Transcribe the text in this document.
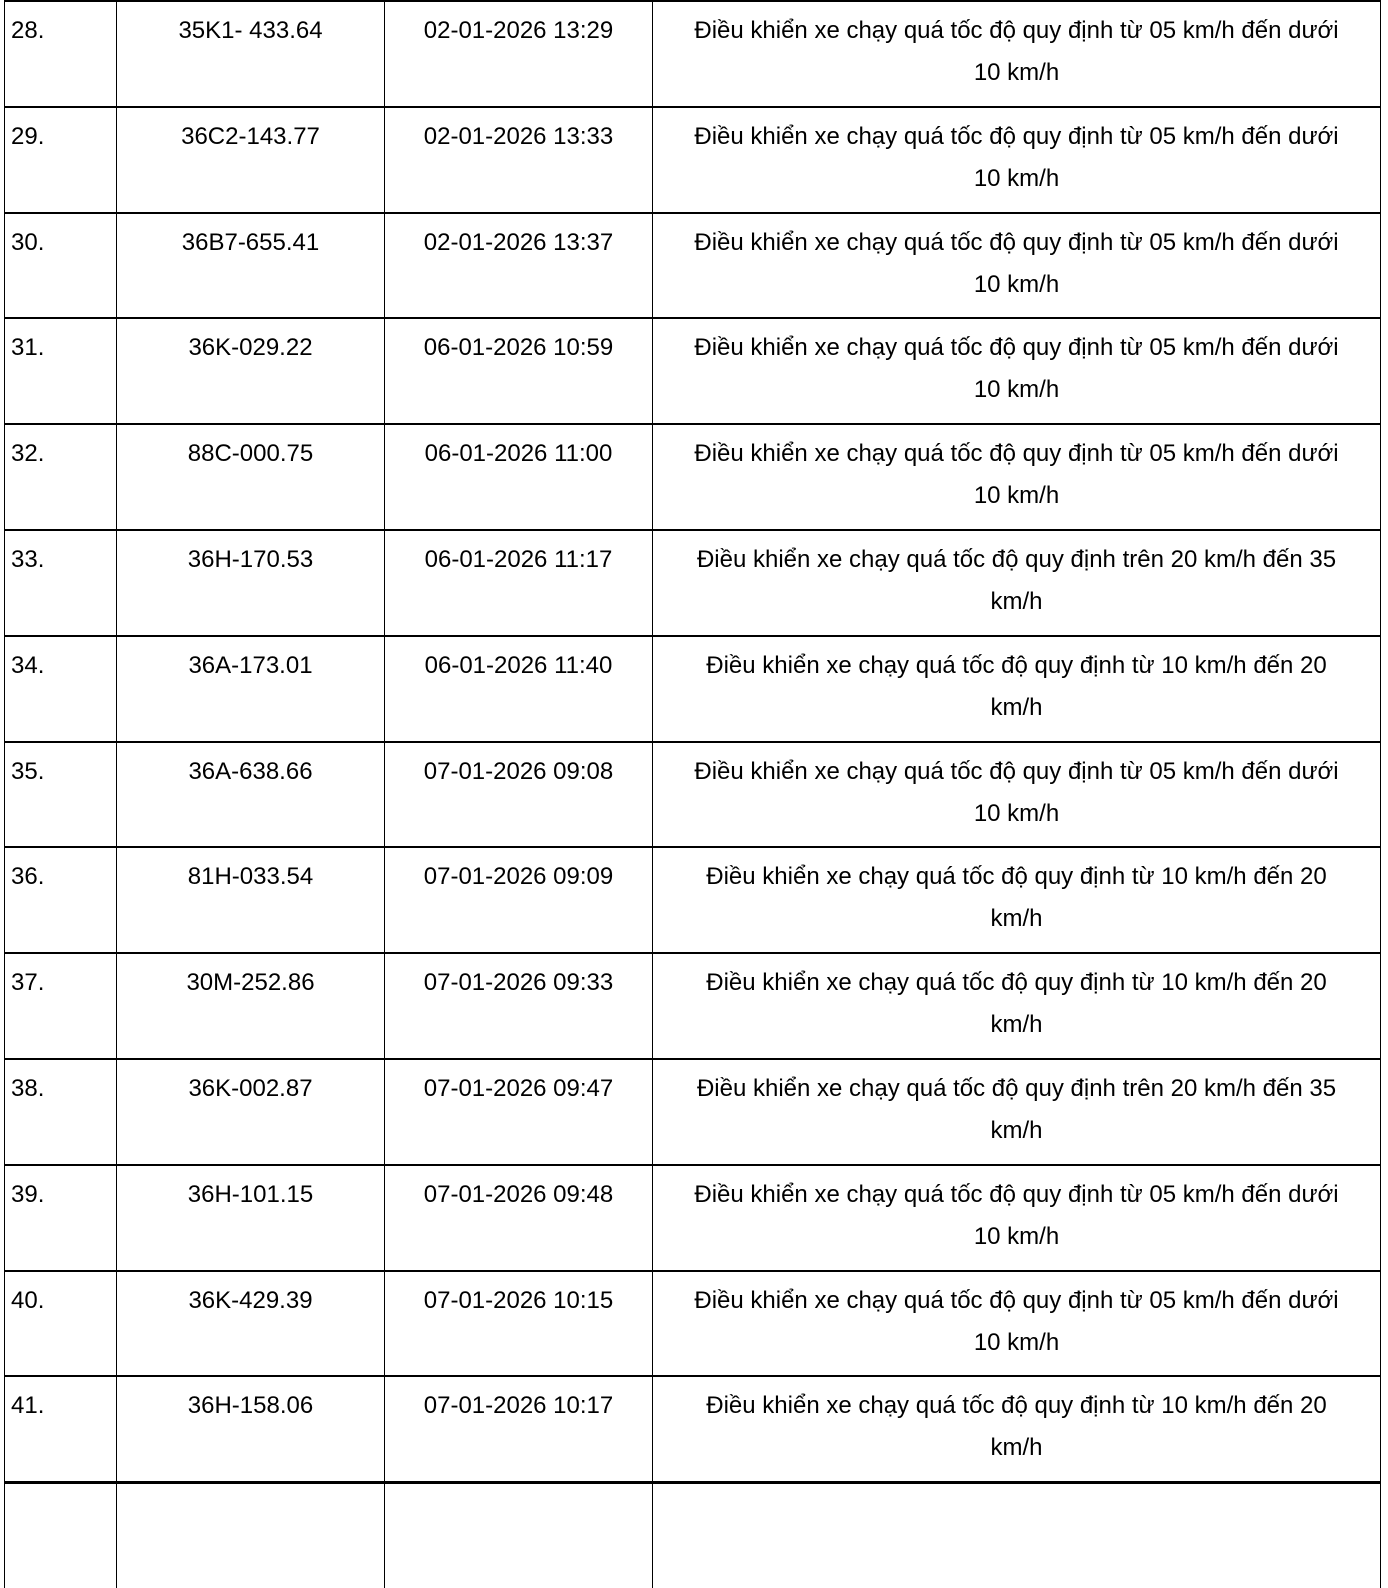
28.	35K1- 433.64	02-01-2026 13:29	Điều khiển xe chạy quá tốc độ quy định từ 05 km/h đến dưới 10 km/h
29.	36C2-143.77	02-01-2026 13:33	Điều khiển xe chạy quá tốc độ quy định từ 05 km/h đến dưới 10 km/h
30.	36B7-655.41	02-01-2026 13:37	Điều khiển xe chạy quá tốc độ quy định từ 05 km/h đến dưới 10 km/h
31.	36K-029.22	06-01-2026 10:59	Điều khiển xe chạy quá tốc độ quy định từ 05 km/h đến dưới 10 km/h
32.	88C-000.75	06-01-2026 11:00	Điều khiển xe chạy quá tốc độ quy định từ 05 km/h đến dưới 10 km/h
33.	36H-170.53	06-01-2026 11:17	Điều khiển xe chạy quá tốc độ quy định trên 20 km/h đến 35 km/h
34.	36A-173.01	06-01-2026 11:40	Điều khiển xe chạy quá tốc độ quy định từ 10 km/h đến 20 km/h
35.	36A-638.66	07-01-2026 09:08	Điều khiển xe chạy quá tốc độ quy định từ 05 km/h đến dưới 10 km/h
36.	81H-033.54	07-01-2026 09:09	Điều khiển xe chạy quá tốc độ quy định từ 10 km/h đến 20 km/h
37.	30M-252.86	07-01-2026 09:33	Điều khiển xe chạy quá tốc độ quy định từ 10 km/h đến 20 km/h
38.	36K-002.87	07-01-2026 09:47	Điều khiển xe chạy quá tốc độ quy định trên 20 km/h đến 35 km/h
39.	36H-101.15	07-01-2026 09:48	Điều khiển xe chạy quá tốc độ quy định từ 05 km/h đến dưới 10 km/h
40.	36K-429.39	07-01-2026 10:15	Điều khiển xe chạy quá tốc độ quy định từ 05 km/h đến dưới 10 km/h
41.	36H-158.06	07-01-2026 10:17	Điều khiển xe chạy quá tốc độ quy định từ 10 km/h đến 20 km/h
